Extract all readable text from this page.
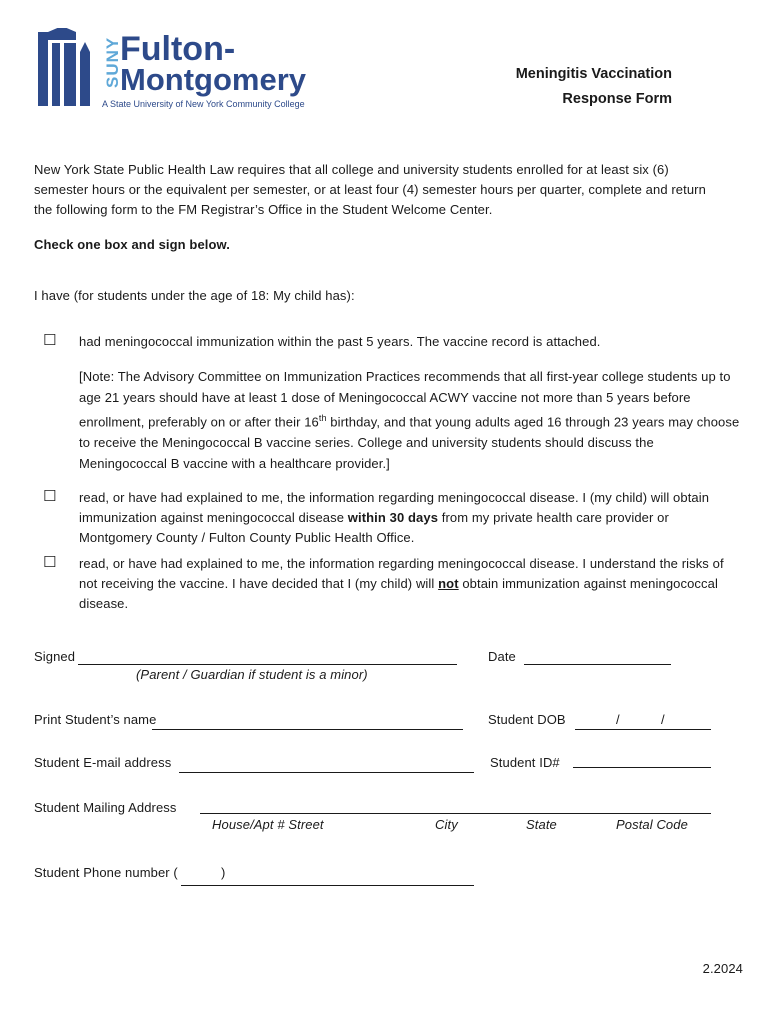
SUNY
Fulton-
Montgomery
A State University of New York Community College
Meningitis Vaccination
Response Form
New York State Public Health Law requires that all college and university students enrolled for at least six (6) semester hours or the equivalent per semester, or at least four (4) semester hours per quarter, complete and return the following form to the FM Registrar’s Office in the Student Welcome Center.
Check one box and sign below.
I have (for students under the age of 18: My child has):
☐ had meningococcal immunization within the past 5 years. The vaccine record is attached.
[Note: The Advisory Committee on Immunization Practices recommends that all first-year college students up to age 21 years should have at least 1 dose of Meningococcal ACWY vaccine not more than 5 years before enrollment, preferably on or after their 16th birthday, and that young adults aged 16 through 23 years may choose to receive the Meningococcal B vaccine series. College and university students should discuss the Meningococcal B vaccine with a healthcare provider.]
☐ read, or have had explained to me, the information regarding meningococcal disease. I (my child) will obtain immunization against meningococcal disease within 30 days from my private health care provider or Montgomery County / Fulton County Public Health Office.
☐ read, or have had explained to me, the information regarding meningococcal disease. I understand the risks of not receiving the vaccine. I have decided that I (my child) will not obtain immunization against meningococcal disease.
Signed
(Parent / Guardian if student is a minor)
Date
Print Student’s name	Student DOB	/	/
Student E-mail address	Student ID#
Student Mailing Address
House/Apt # Street	City	State	Postal Code
Student Phone number (	)
2.2024
